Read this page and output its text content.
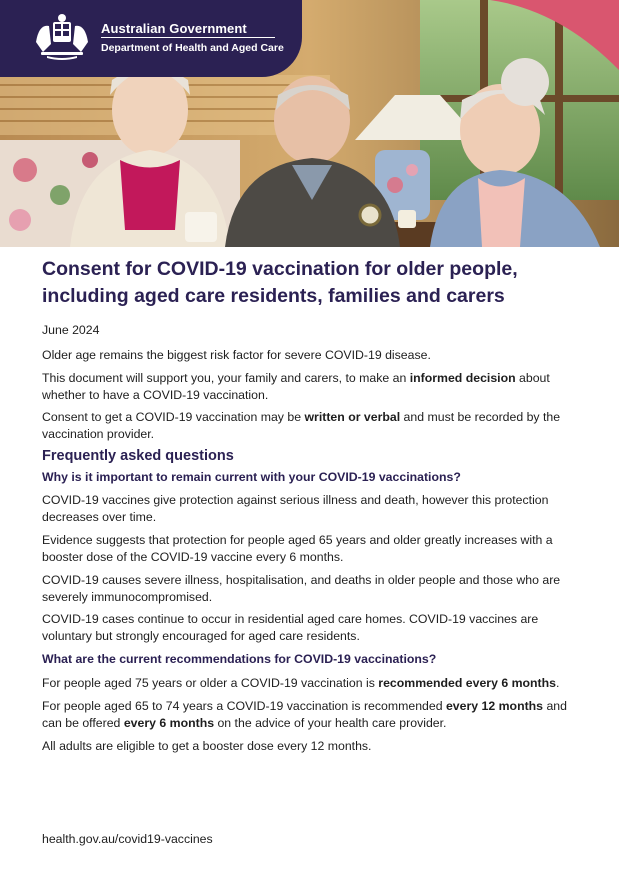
Australian Government
Department of Health and Aged Care
Consent for COVID-19 vaccination for older people, including aged care residents, families and carers

June 2024

Older age remains the biggest risk factor for severe COVID-19 disease.

This document will support you, your family and carers, to make an informed decision about whether to have a COVID-19 vaccination.

Consent to get a COVID-19 vaccination may be written or verbal and must be recorded by the vaccination provider.

Frequently asked questions

Why is it important to remain current with your COVID-19 vaccinations?

COVID-19 vaccines give protection against serious illness and death, however this protection decreases over time.

Evidence suggests that protection for people aged 65 years and older greatly increases with a booster dose of the COVID-19 vaccine every 6 months.

COVID-19 causes severe illness, hospitalisation, and deaths in older people and those who are severely immunocompromised.

COVID-19 cases continue to occur in residential aged care homes. COVID-19 vaccines are voluntary but strongly encouraged for aged care residents.

What are the current recommendations for COVID-19 vaccinations?

For people aged 75 years or older a COVID-19 vaccination is recommended every 6 months.

For people aged 65 to 74 years a COVID-19 vaccination is recommended every 12 months and can be offered every 6 months on the advice of your health care provider.

All adults are eligible to get a booster dose every 12 months.

health.gov.au/covid19-vaccines
